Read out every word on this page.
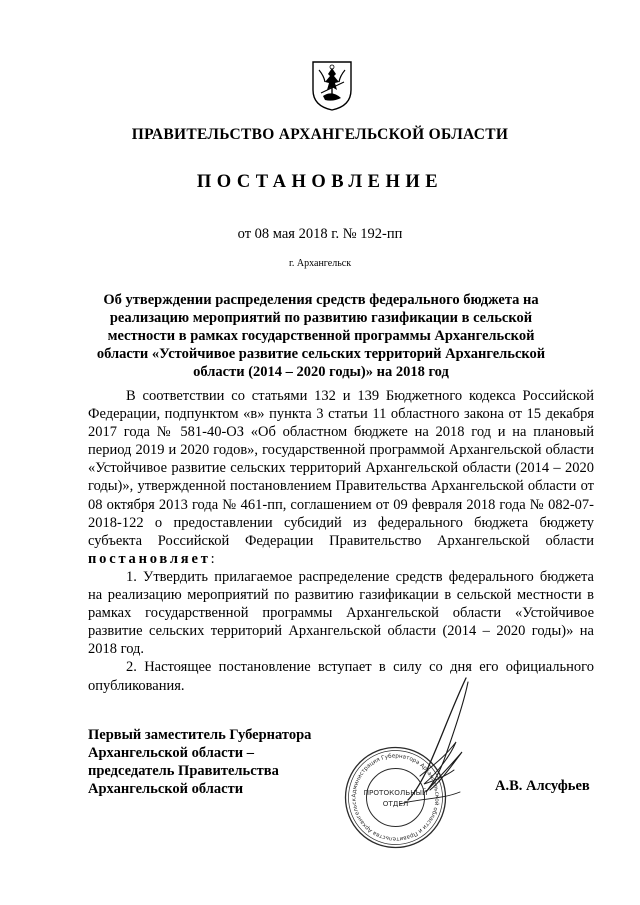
ПРАВИТЕЛЬСТВО АРХАНГЕЛЬСКОЙ ОБЛАСТИ
ПОСТАНОВЛЕНИЕ

от 08 мая 2018 г. № 192-пп

г. Архангельск

Об утверждении распределения средств федерального бюджета на реализацию мероприятий по развитию газификации в сельской местности в рамках государственной программы Архангельской области «Устойчивое развитие сельских территорий Архангельской области (2014 – 2020 годы)» на 2018 год

В соответствии со статьями 132 и 139 Бюджетного кодекса Российской Федерации, подпунктом «в» пункта 3 статьи 11 областного закона от 15 декабря 2017 года № 581-40-ОЗ «Об областном бюджете на 2018 год и на плановый период 2019 и 2020 годов», государственной программой Архангельской области «Устойчивое развитие сельских территорий Архангельской области (2014 – 2020 годы)», утвержденной постановлением Правительства Архангельской области от 08 октября 2013 года № 461-пп, соглашением от 09 февраля 2018 года № 082-07-2018-122 о предоставлении субсидий из федерального бюджета бюджету субъекта Российской Федерации Правительство Архангельской области постановляет:

1. Утвердить прилагаемое распределение средств федерального бюджета на реализацию мероприятий по развитию газификации в сельской местности в рамках государственной программы Архангельской области «Устойчивое развитие сельских территорий Архангельской области (2014 – 2020 годы)» на 2018 год.

2. Настоящее постановление вступает в силу со дня его официального опубликования.

Первый заместитель Губернатора
Архангельской области –
председатель Правительства
Архангельской области	Администрация Губернатора Архангельской области и Правительства Архангельск
ПРОТОКОЛЬНЫЙ
ОТДЕЛ

А.В. Алсуфьев
